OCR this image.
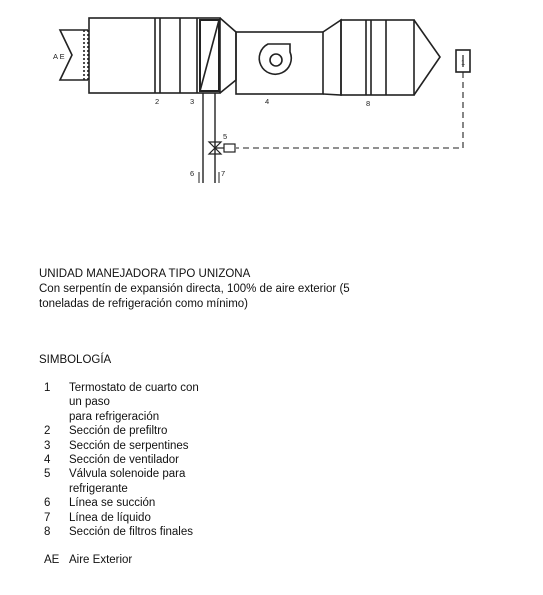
A E
1
2	3	4
5
6	7
8
UNIDAD MANEJADORA TIPO UNIZONA
Con serpentín de expansión directa, 100% de aire exterior (5
toneladas de refrigeración como mínimo)
SIMBOLOGÍA
1 Termostato de cuarto con
un paso
para refrigeración
2 Sección de prefiltro
3 Sección de serpentines
4 Sección de ventilador
5 Válvula solenoide para
refrigerante
6 Línea se succión
7 Línea de líquido
8 Sección de filtros finales
AE Aire Exterior
